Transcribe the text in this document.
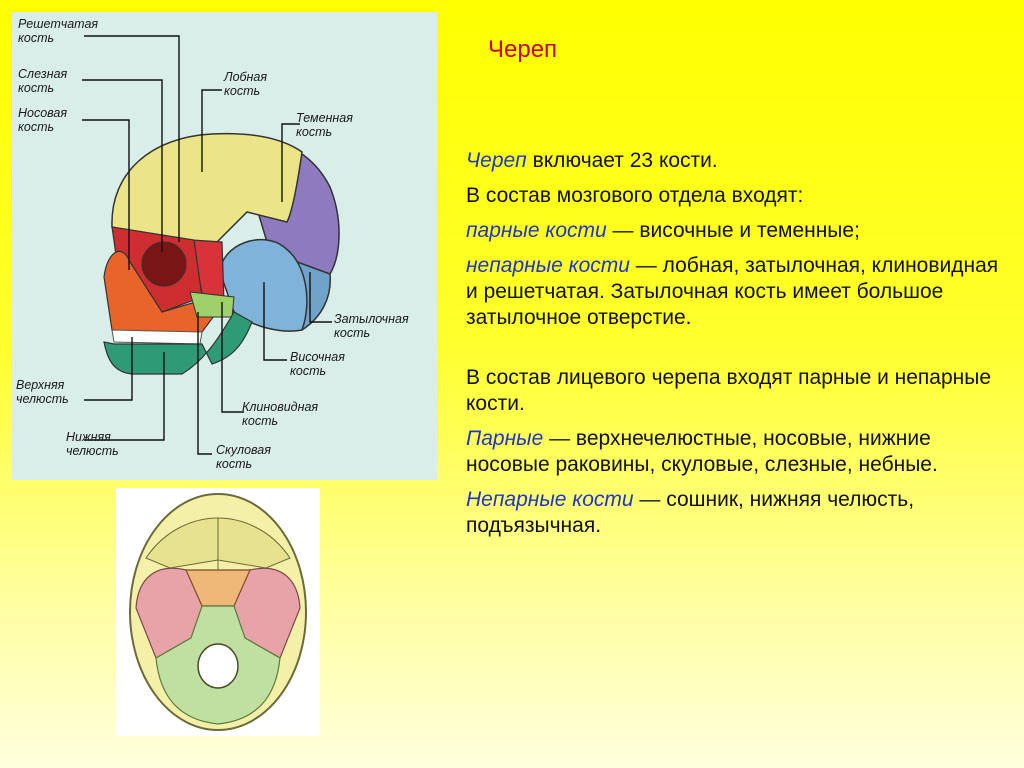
Череп
Решетчатая
кость
Слезная
кость
Носовая
кость
Лобная
кость
Теменная
кость
Затылочная
кость
Височная
кость
Клиновидная
кость
Скуловая
кость
Верхняя
челюсть
Нижняя
челюсть

Череп включает 23 кости.

В состав мозгового отдела входят:

парные кости — височные и теменные;

непарные кости — лобная, затылочная, клиновидная и решетчатая. Затылочная кость имеет большое затылочное отверстие.

В состав лицевого черепа входят парные и непарные кости.

Парные — верхнечелюстные, носовые, нижние носовые раковины, скуловые, слезные, небные.

Непарные кости — сошник, нижняя челюсть, подъязычная.
